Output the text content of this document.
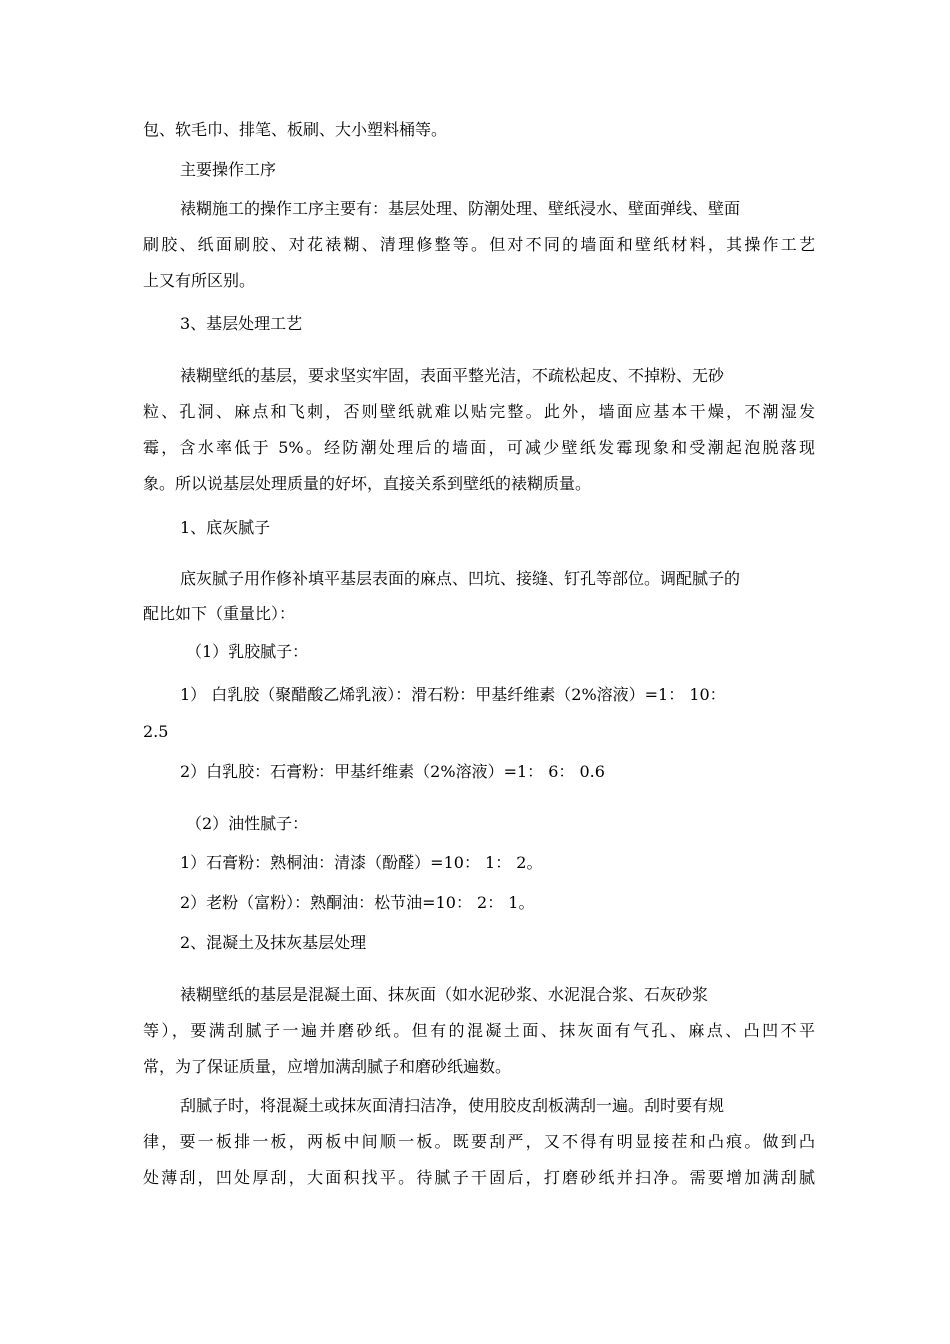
包、软毛巾、排笔、板刷、大小塑料桶等。
主要操作工序
裱糊施工的操作工序主要有：基层处理、防潮处理、壁纸浸水、壁面弹线、壁面
刷胶、纸面刷胶、对花裱糊、清理修整等。但对不同的墙面和壁纸材料，其操作工艺
上又有所区别。
3、基层处理工艺
裱糊壁纸的基层，要求坚实牢固，表面平整光洁，不疏松起皮、不掉粉、无砂
粒、孔洞、麻点和飞刺，否则壁纸就难以贴完整。此外，墙面应基本干燥，不潮湿发
霉，含水率低于 5%。经防潮处理后的墙面，可减少壁纸发霉现象和受潮起泡脱落现
象。所以说基层处理质量的好坏，直接关系到壁纸的裱糊质量。
1、底灰腻子
底灰腻子用作修补填平基层表面的麻点、凹坑、接缝、钉孔等部位。调配腻子的
配比如下（重量比）：
（1）乳胶腻子：
1） 白乳胶（聚醋酸乙烯乳液）：滑石粉：甲基纤维素（2%溶液）=1： 10：
2.5
2）白乳胶：石膏粉：甲基纤维素（2%溶液）=1： 6： 0.6
（2）油性腻子：
1）石膏粉：熟桐油：清漆（酚醛）=10： 1： 2。
2）老粉（富粉）：熟酮油：松节油=10： 2： 1。
2、混凝土及抹灰基层处理
裱糊壁纸的基层是混凝土面、抹灰面（如水泥砂浆、水泥混合浆、石灰砂浆
等），要满刮腻子一遍并磨砂纸。但有的混凝土面、抹灰面有气孔、麻点、凸凹不平
常，为了保证质量，应增加满刮腻子和磨砂纸遍数。
刮腻子时，将混凝土或抹灰面清扫洁净，使用胶皮刮板满刮一遍。刮时要有规
律，要一板排一板，两板中间顺一板。既要刮严，又不得有明显接茬和凸痕。做到凸
处薄刮，凹处厚刮，大面积找平。待腻子干固后，打磨砂纸并扫净。需要增加满刮腻
